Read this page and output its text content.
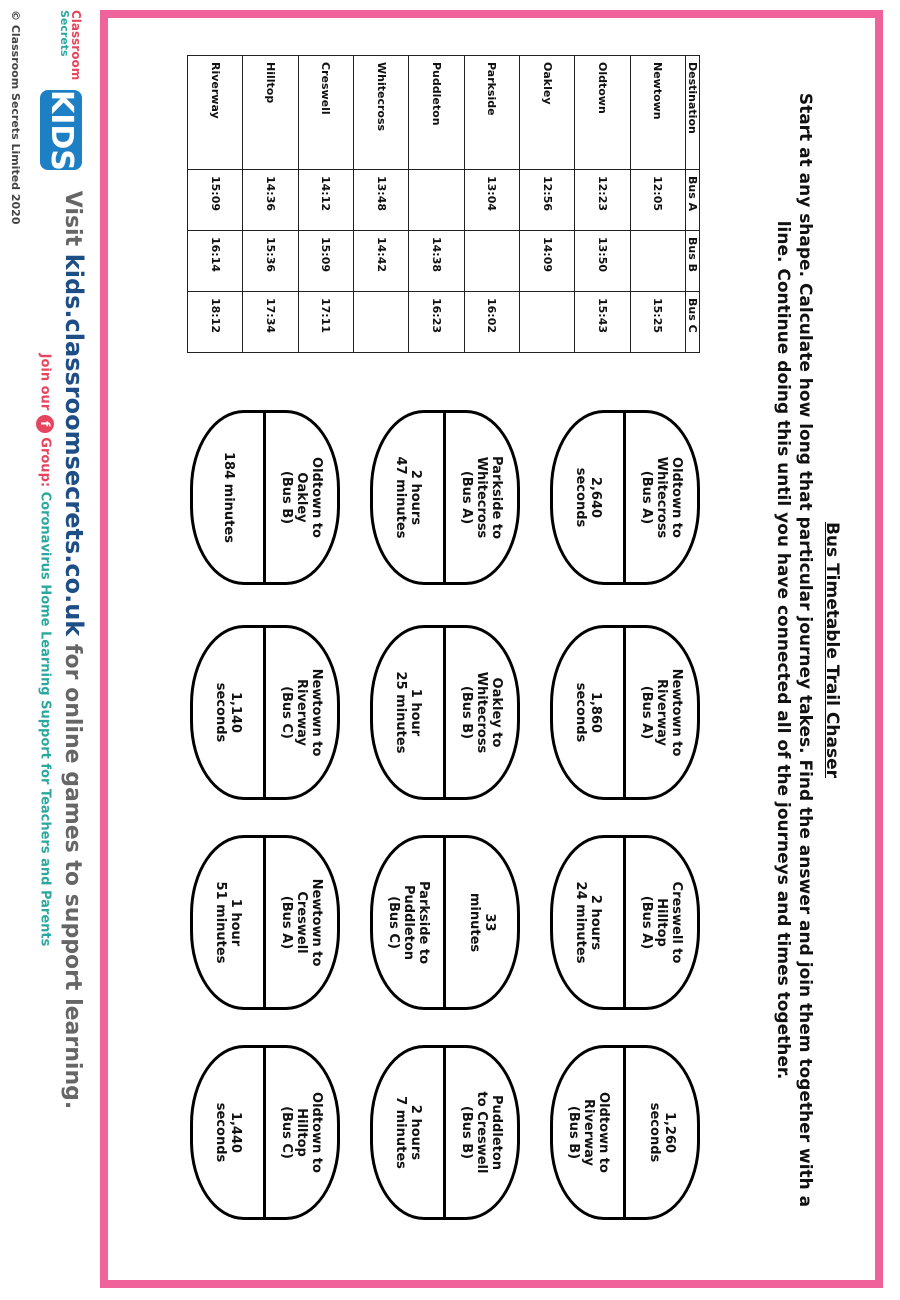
Bus Timetable Trail Chaser
Start at any shape. Calculate how long that particular journey takes. Find the answer and join them together with a line. Continue doing this until you have connected all of the journeys and times together.
Destination	Bus A	Bus B	Bus C
Newtown	12:05		15:25
Oldtown	12:23	13:50	15:43
Oakley	12:56	14:09	
Parkside	13:04		16:02
Puddleton		14:38	16:23
Whitecross	13:48	14:42	
Creswell	14:12	15:09	17:11
Hilltop	14:36	15:36	17:34
Riverway	15:09	16:14	18:12
Oldtown to
Whitecross
(Bus A)
2,640
seconds
Newtown to
Riverway
(Bus A)
1,860
seconds
Creswell to
Hilltop
(Bus A)
2 hours
24 minutes
1,260
seconds
Oldtown to
Riverway
(Bus B)
Parkside to
Whitecross
(Bus A)
2 hours
47 minutes
Oakley to
Whitecross
(Bus B)
1 hour
25 minutes
33
minutes
Parkside to
Puddleton
(Bus C)
Puddleton
to Creswell
(Bus B)
2 hours
7 minutes
Oldtown to
Oakley
(Bus B)
184 minutes
Newtown to
Riverway
(Bus C)
1,140
seconds
Newtown to
Creswell
(Bus A)
1 hour
51 minutes
Oldtown to
Hilltop
(Bus C)
1,440
seconds
Classroom
Secrets
KIDS
Visit kids.classroomsecrets.co.uk for online games to support learning.
Join our f Group: Coronavirus Home Learning Support for Teachers and Parents
© Classroom Secrets Limited 2020
